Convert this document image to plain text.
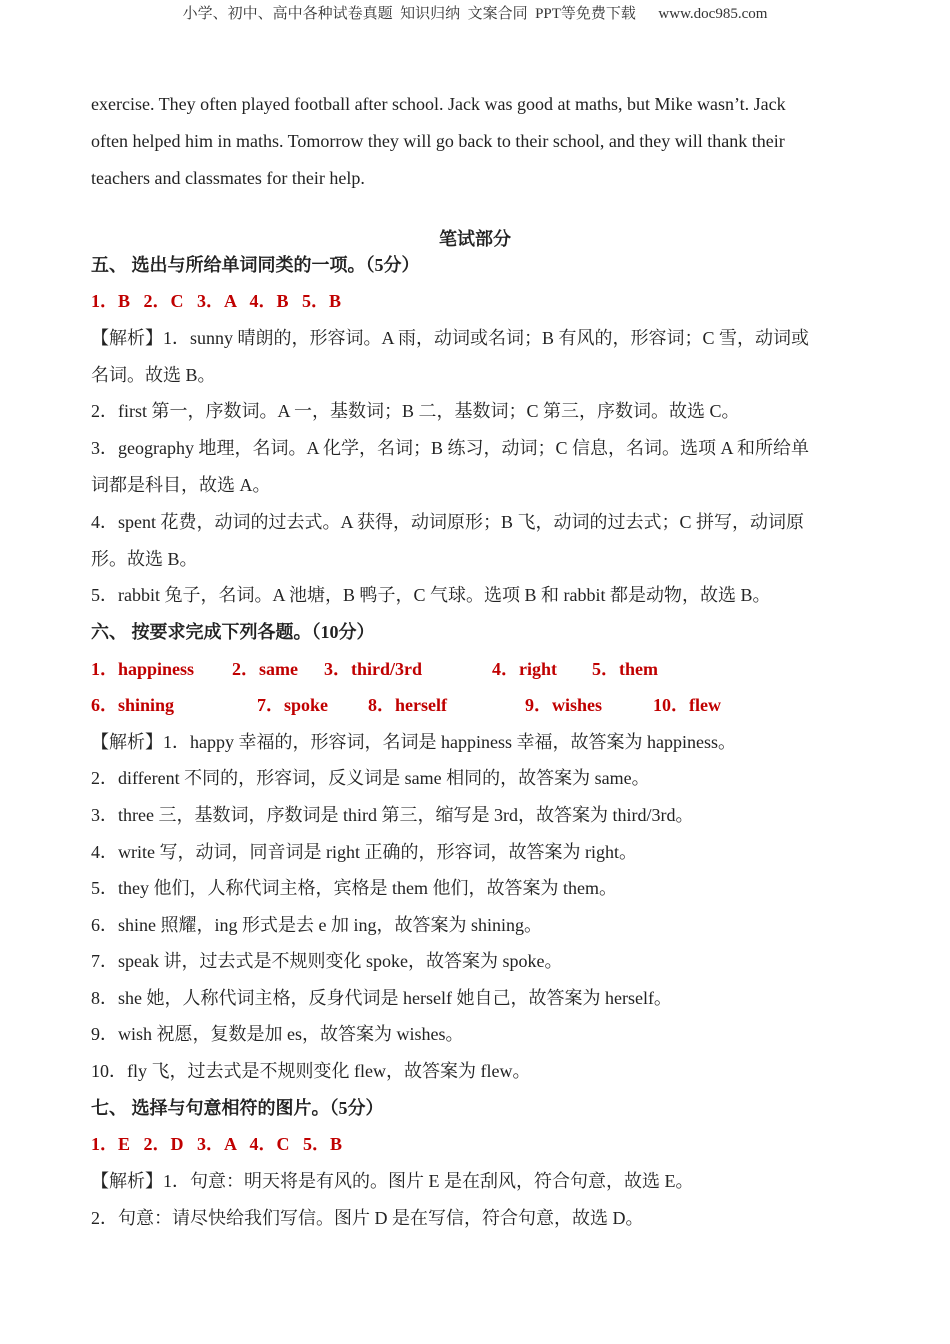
小学、初中、高中各种试卷真题  知识归纳  文案合同  PPT等免费下载      www.doc985.com
exercise. They often played football after school. Jack was good at maths, but Mike wasn’t. Jack
often helped him in maths. Tomorrow they will go back to their school, and they will thank their
teachers and classmates for their help.
笔试部分
五、 选出与所给单词同类的一项。（5分）
1．B   2．C   3．A   4．B   5．B
【解析】1．sunny 晴朗的，形容词。A 雨，动词或名词；B 有风的，形容词；C 雪，动词或
名词。故选 B。
2．first 第一，序数词。A 一，基数词；B 二，基数词；C 第三，序数词。故选 C。
3．geography 地理，名词。A 化学，名词；B 练习，动词；C 信息，名词。选项 A 和所给单
词都是科目，故选 A。
4．spent 花费，动词的过去式。A 获得，动词原形；B 飞，动词的过去式；C 拼写，动词原
形。故选 B。
5．rabbit 兔子，名词。A 池塘，B 鸭子，C 气球。选项 B 和 rabbit 都是动物，故选 B。
六、 按要求完成下列各题。（10分）
1．happiness 2．same 3．third/3rd	4．right 5．them
6．shining	7．spoke 8．herself	9．wishes	10．flew
【解析】1．happy 幸福的，形容词，名词是 happiness 幸福，故答案为 happiness。
2．different 不同的，形容词，反义词是 same 相同的，故答案为 same。
3．three 三，基数词，序数词是 third 第三，缩写是 3rd，故答案为 third/3rd。
4．write 写，动词，同音词是 right 正确的，形容词，故答案为 right。
5．they 他们，人称代词主格，宾格是 them 他们，故答案为 them。
6．shine 照耀，ing 形式是去 e 加 ing，故答案为 shining。
7．speak 讲，过去式是不规则变化 spoke，故答案为 spoke。
8．she 她，人称代词主格，反身代词是 herself 她自己，故答案为 herself。
9．wish 祝愿，复数是加 es，故答案为 wishes。
10．fly 飞，过去式是不规则变化 flew，故答案为 flew。
七、 选择与句意相符的图片。（5分）
1．E   2．D   3．A   4．C   5．B
【解析】1．句意：明天将是有风的。图片 E 是在刮风，符合句意，故选 E。
2．句意：请尽快给我们写信。图片 D 是在写信，符合句意，故选 D。
